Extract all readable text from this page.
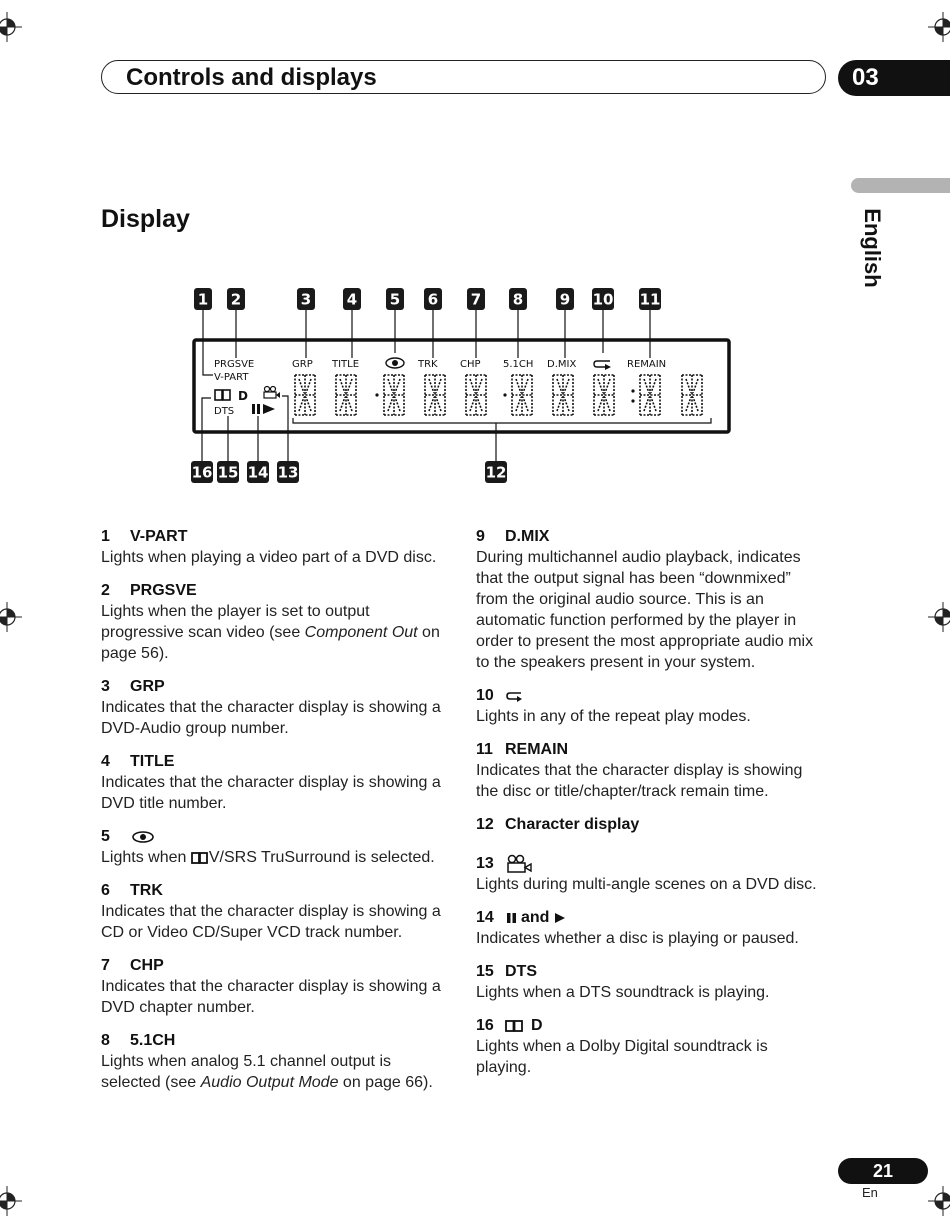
Controls and displays	03
English
Display
PRGSVE
V-PART
GRP TITLE	TRK CHP 5.1CH D.MIX	REMAIN
D
DTS
1 2	3 4 5 6 7 8 9 10 11
16 15 14 13	12
1	V-PART

Lights when playing a video part of a DVD disc.

2	PRGSVE

Lights when the player is set to output progressive scan video (see Component Out on page 56).

3	GRP

Indicates that the character display is showing a DVD-Audio group number.

4	TITLE

Indicates that the character display is showing a DVD title number.

5

Lights when V/SRS TruSurround is selected.

6	TRK

Indicates that the character display is showing a CD or Video CD/Super VCD track number.

7	CHP

Indicates that the character display is showing a DVD chapter number.

8	5.1CH

Lights when analog 5.1 channel output is selected (see Audio Output Mode on page 66).

9	D.MIX

During multichannel audio playback, indicates that the output signal has been “downmixed” from the original audio source. This is an automatic function performed by the player in order to present the most appropriate audio mix to the speakers present in your system.

10

Lights in any of the repeat play modes.

11 REMAIN

Indicates that the character display is showing the disc or title/chapter/track remain time.

12 Character display
13

Lights during multi-angle scenes on a DVD disc.

14	and

Indicates whether a disc is playing or paused.

15 DTS

Lights when a DTS soundtrack is playing.

16	D

Lights when a Dolby Digital soundtrack is playing.

21
En
